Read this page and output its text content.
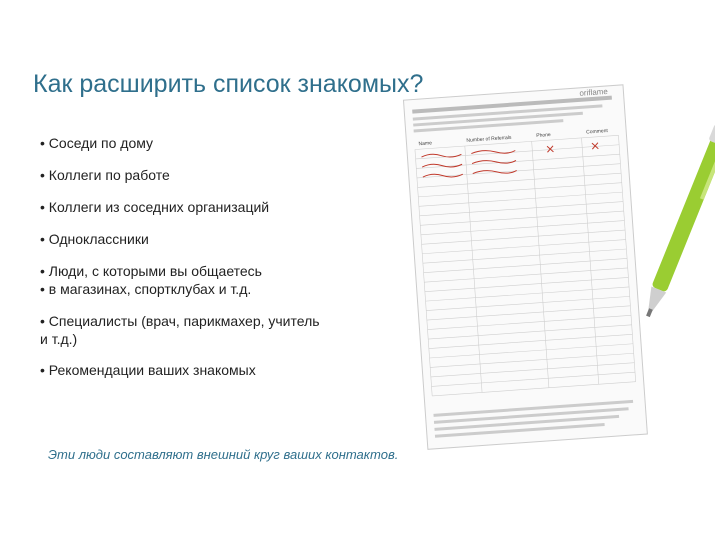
Как расширить список знакомых?

• Соседи по дому

• Коллеги по работе

• Коллеги из соседних организаций

• Одноклассники

• Люди, с которыми вы общаетесь

• в магазинах, спортклубах и т.д.

• Специалисты (врач, парикмахер, учитель и т.д.)

• Рекомендации ваших знакомых

Эти люди составляют внешний круг ваших контактов.
oriflame
Name	Number of Referrals	Phone	Comment
